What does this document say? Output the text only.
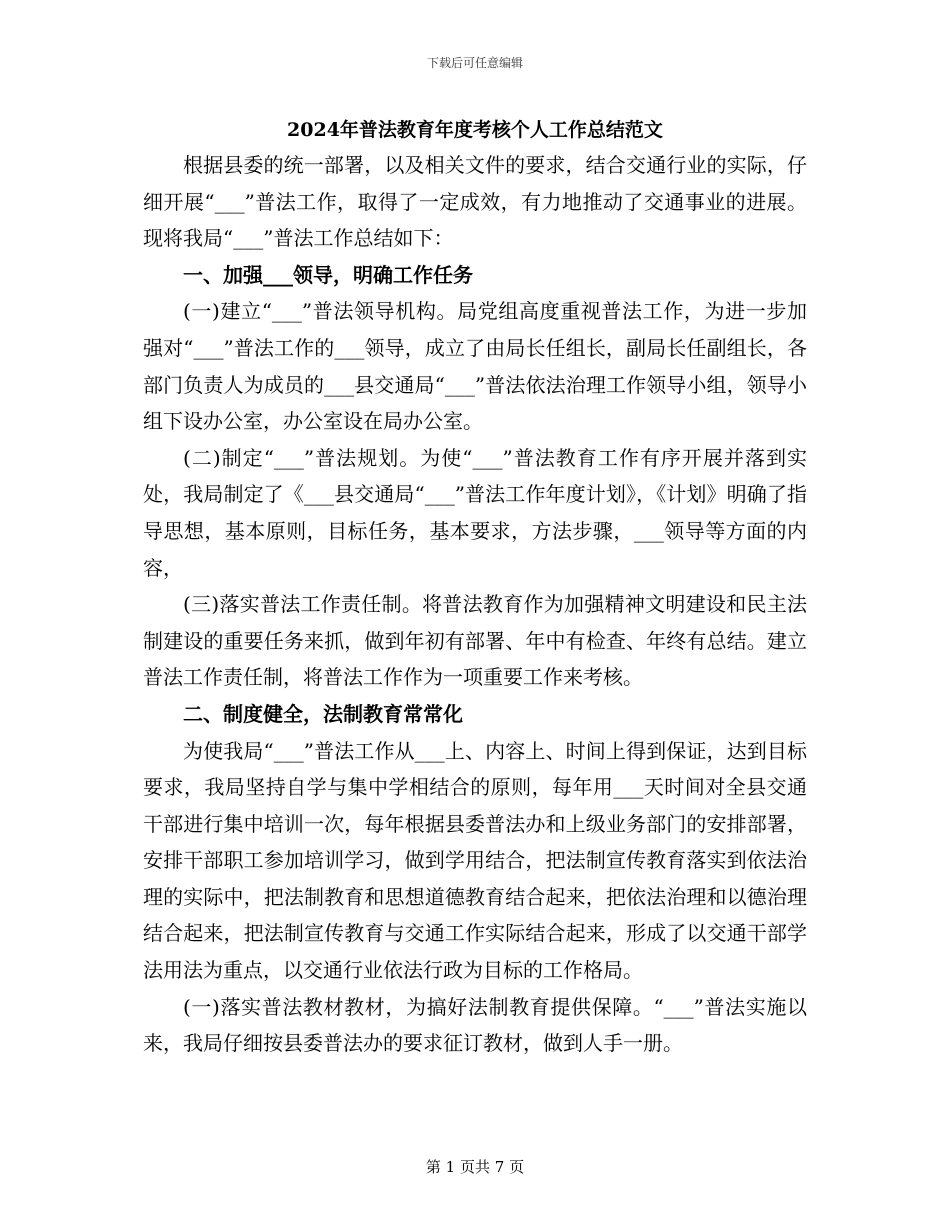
下载后可任意编辑
2024年普法教育年度考核个人工作总结范文

根据县委的统一部署，以及相关文件的要求，结合交通行业的实际，仔细开展“___”普法工作，取得了一定成效，有力地推动了交通事业的进展。现将我局“___”普法工作总结如下：

一、加强___领导，明确工作任务

(一)建立“___”普法领导机构。局党组高度重视普法工作，为进一步加强对“___”普法工作的___领导，成立了由局长任组长，副局长任副组长，各部门负责人为成员的___县交通局“___”普法依法治理工作领导小组，领导小组下设办公室，办公室设在局办公室。

(二)制定“___”普法规划。为使“___”普法教育工作有序开展并落到实处，我局制定了《___县交通局“___”普法工作年度计划》，《计划》明确了指导思想，基本原则，目标任务，基本要求，方法步骤，___领导等方面的内容，

(三)落实普法工作责任制。将普法教育作为加强精神文明建设和民主法制建设的重要任务来抓，做到年初有部署、年中有检查、年终有总结。建立普法工作责任制，将普法工作作为一项重要工作来考核。

二、制度健全，法制教育常常化

为使我局“___”普法工作从___上、内容上、时间上得到保证，达到目标要求，我局坚持自学与集中学相结合的原则，每年用___天时间对全县交通干部进行集中培训一次，每年根据县委普法办和上级业务部门的安排部署，安排干部职工参加培训学习，做到学用结合，把法制宣传教育落实到依法治理的实际中，把法制教育和思想道德教育结合起来，把依法治理和以德治理结合起来，把法制宣传教育与交通工作实际结合起来，形成了以交通干部学法用法为重点，以交通行业依法行政为目标的工作格局。

(一)落实普法教材教材，为搞好法制教育提供保障。“___”普法实施以来，我局仔细按县委普法办的要求征订教材，做到人手一册。

第 1 页共 7 页
